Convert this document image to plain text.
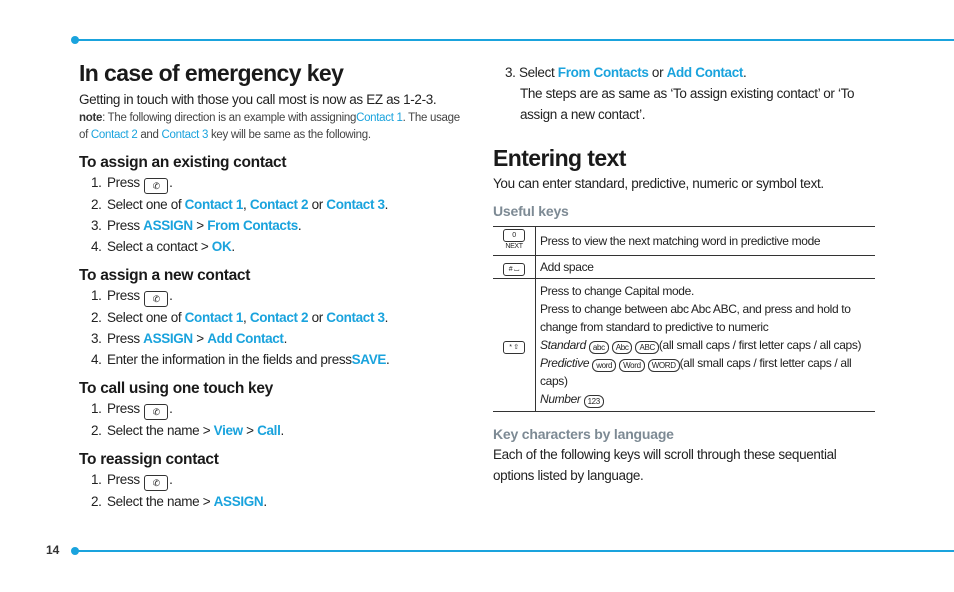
14
In case of emergency key

Getting in touch with those you call most is now as EZ as 1-2-3.

note: The following direction is an example with assigningContact 1. The usage of Contact 2 and Contact 3 key will be same as the following.

To assign an existing contact
1. Press ✆ .
2. Select one of Contact 1, Contact 2 or Contact 3.
3. Press ASSIGN > From Contacts.
4. Select a contact > OK.
To assign a new contact
1. Press ✆ .
2. Select one of Contact 1, Contact 2 or Contact 3.
3. Press ASSIGN > Add Contact.
4. Enter the information in the fields and pressSAVE.
To call using one touch key
1. Press ✆ .
2. Select the name > View > Call.
To reassign contact
1. Press ✆ .
2. Select the name > ASSIGN.

3. Select From Contacts or Add Contact.

The steps are as same as ‘To assign existing contact’ or ‘To assign a new contact’.

Entering text

You can enter standard, predictive, numeric or symbol text.

Useful keys
0 NEXT	Press to view the next matching word in predictive mode
# ⌴	Add space
* ⇧	Press to change Capital mode.
Press to change between abc Abc ABC, and press and hold to change from standard to predictive to numeric
Standard abc Abc ABC (all small caps / first letter caps / all caps)
Predictive word Word WORD (all small caps / first letter caps / all caps)
Number 123
Key characters by language

Each of the following keys will scroll through these sequential options listed by language.
